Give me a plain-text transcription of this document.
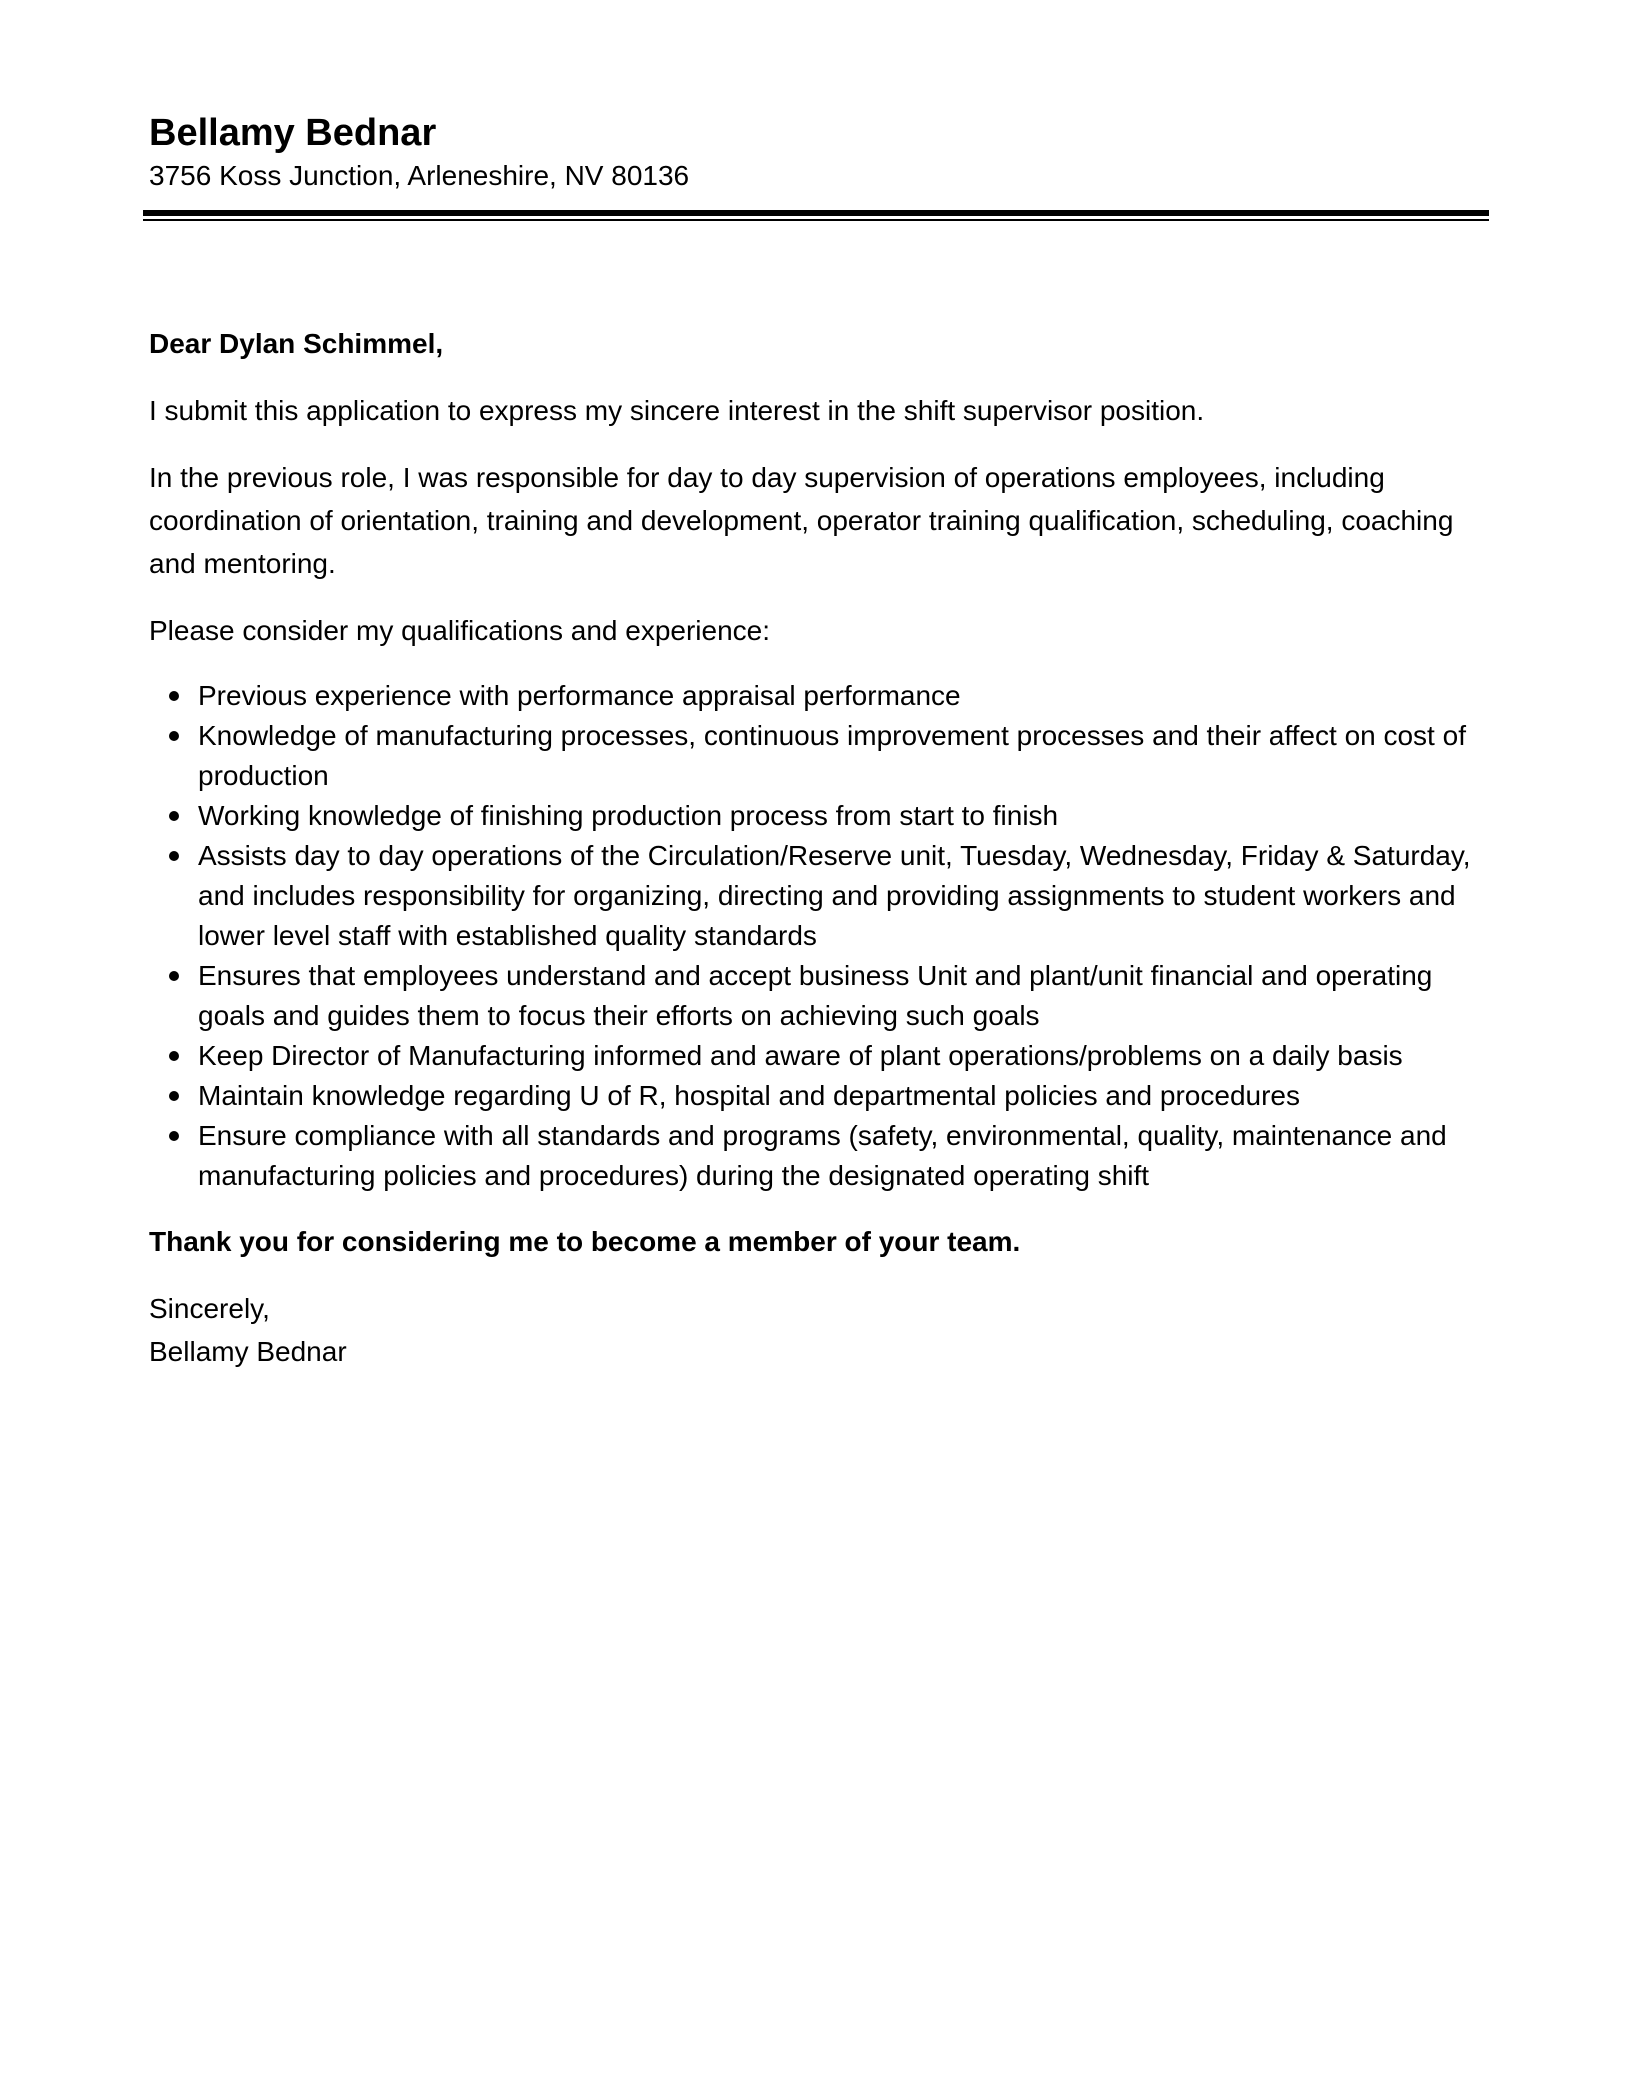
Bellamy Bednar

3756 Koss Junction, Arleneshire, NV 80136

Dear Dylan Schimmel,

I submit this application to express my sincere interest in the shift supervisor position.

In the previous role, I was responsible for day to day supervision of operations employees, including coordination of orientation, training and development, operator training qualification, scheduling, coaching and mentoring.

Please consider my qualifications and experience:

Previous experience with performance appraisal performance
Knowledge of manufacturing processes, continuous improvement processes and their affect on cost of production
Working knowledge of finishing production process from start to finish
Assists day to day operations of the Circulation/Reserve unit, Tuesday, Wednesday, Friday & Saturday, and includes responsibility for organizing, directing and providing assignments to student workers and lower level staff with established quality standards
Ensures that employees understand and accept business Unit and plant/unit financial and operating goals and guides them to focus their efforts on achieving such goals
Keep Director of Manufacturing informed and aware of plant operations/problems on a daily basis
Maintain knowledge regarding U of R, hospital and departmental policies and procedures
Ensure compliance with all standards and programs (safety, environmental, quality, maintenance and manufacturing policies and procedures) during the designated operating shift

Thank you for considering me to become a member of your team.

Sincerely,

Bellamy Bednar
